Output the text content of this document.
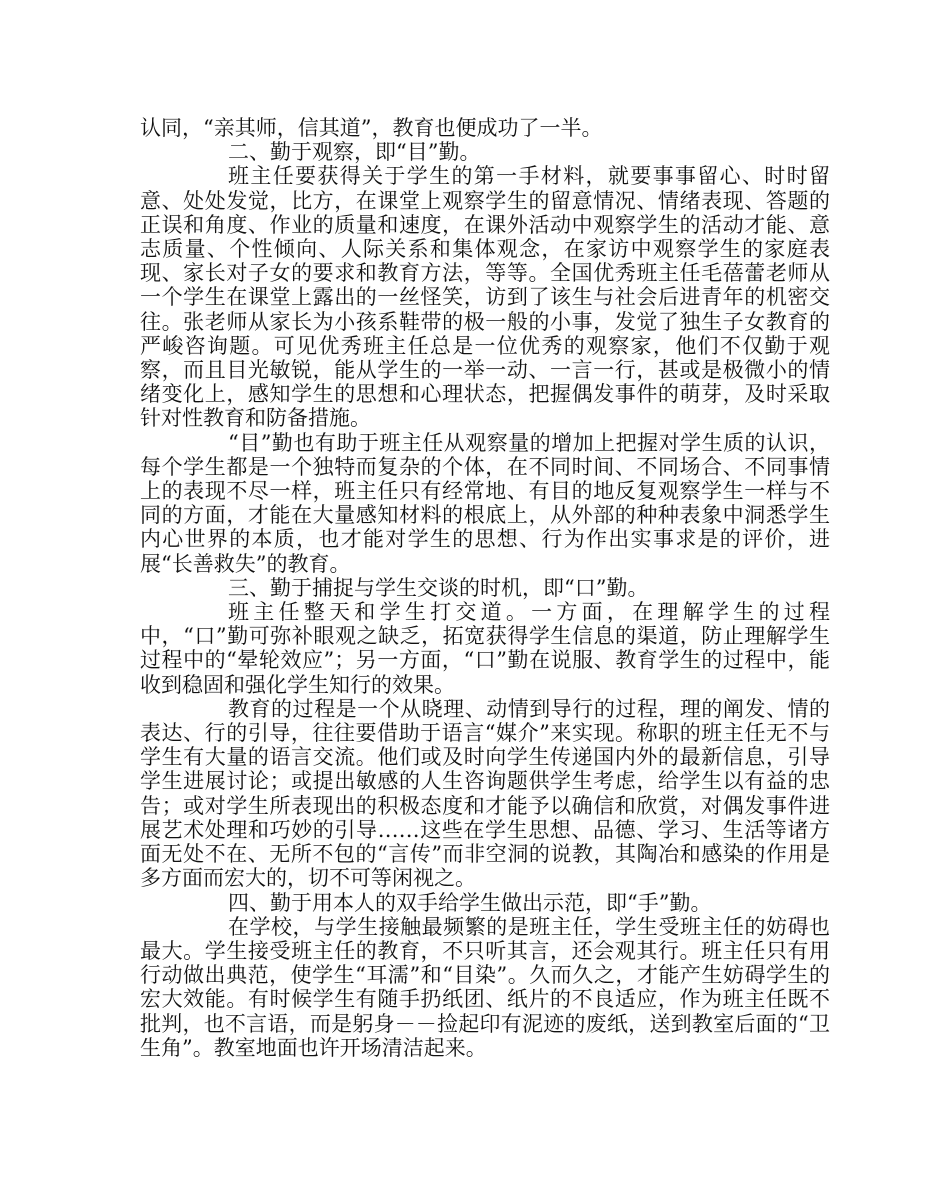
认同，“亲其师，信其道”，教育也便成功了一半。

二、勤于观察，即“目”勤。

班主任要获得关于学生的第一手材料，就要事事留心、时时留意、处处发觉，比方，在课堂上观察学生的留意情况、情绪表现、答题的正误和角度、作业的质量和速度，在课外活动中观察学生的活动才能、意志质量、个性倾向、人际关系和集体观念，在家访中观察学生的家庭表现、家长对子女的要求和教育方法，等等。全国优秀班主任毛蓓蕾老师从一个学生在课堂上露出的一丝怪笑，访到了该生与社会后进青年的机密交往。张老师从家长为小孩系鞋带的极一般的小事，发觉了独生子女教育的严峻咨询题。可见优秀班主任总是一位优秀的观察家，他们不仅勤于观察，而且目光敏锐，能从学生的一举一动、一言一行，甚或是极微小的情绪变化上，感知学生的思想和心理状态，把握偶发事件的萌芽，及时采取针对性教育和防备措施。

“目”勤也有助于班主任从观察量的增加上把握对学生质的认识，每个学生都是一个独特而复杂的个体，在不同时间、不同场合、不同事情上的表现不尽一样，班主任只有经常地、有目的地反复观察学生一样与不同的方面，才能在大量感知材料的根底上，从外部的种种表象中洞悉学生内心世界的本质，也才能对学生的思想、行为作出实事求是的评价，进展“长善救失”的教育。

三、勤于捕捉与学生交谈的时机，即“口”勤。

班主任整天和学生打交道。一方面，在理解学生的过程中，“口”勤可弥补眼观之缺乏，拓宽获得学生信息的渠道，防止理解学生过程中的“晕轮效应”；另一方面，“口”勤在说服、教育学生的过程中，能收到稳固和强化学生知行的效果。

教育的过程是一个从晓理、动情到导行的过程，理的阐发、情的表达、行的引导，往往要借助于语言“媒介”来实现。称职的班主任无不与学生有大量的语言交流。他们或及时向学生传递国内外的最新信息，引导学生进展讨论；或提出敏感的人生咨询题供学生考虑，给学生以有益的忠告；或对学生所表现出的积极态度和才能予以确信和欣赏，对偶发事件进展艺术处理和巧妙的引导……这些在学生思想、品德、学习、生活等诸方面无处不在、无所不包的“言传”而非空洞的说教，其陶冶和感染的作用是多方面而宏大的，切不可等闲视之。

四、勤于用本人的双手给学生做出示范，即“手”勤。

在学校，与学生接触最频繁的是班主任，学生受班主任的妨碍也最大。学生接受班主任的教育，不只听其言，还会观其行。班主任只有用行动做出典范，使学生“耳濡”和“目染”。久而久之，才能产生妨碍学生的宏大效能。有时候学生有随手扔纸团、纸片的不良适应，作为班主任既不批判，也不言语，而是躬身－－捡起印有泥迹的废纸，送到教室后面的“卫生角”。教室地面也许开场清洁起来。
